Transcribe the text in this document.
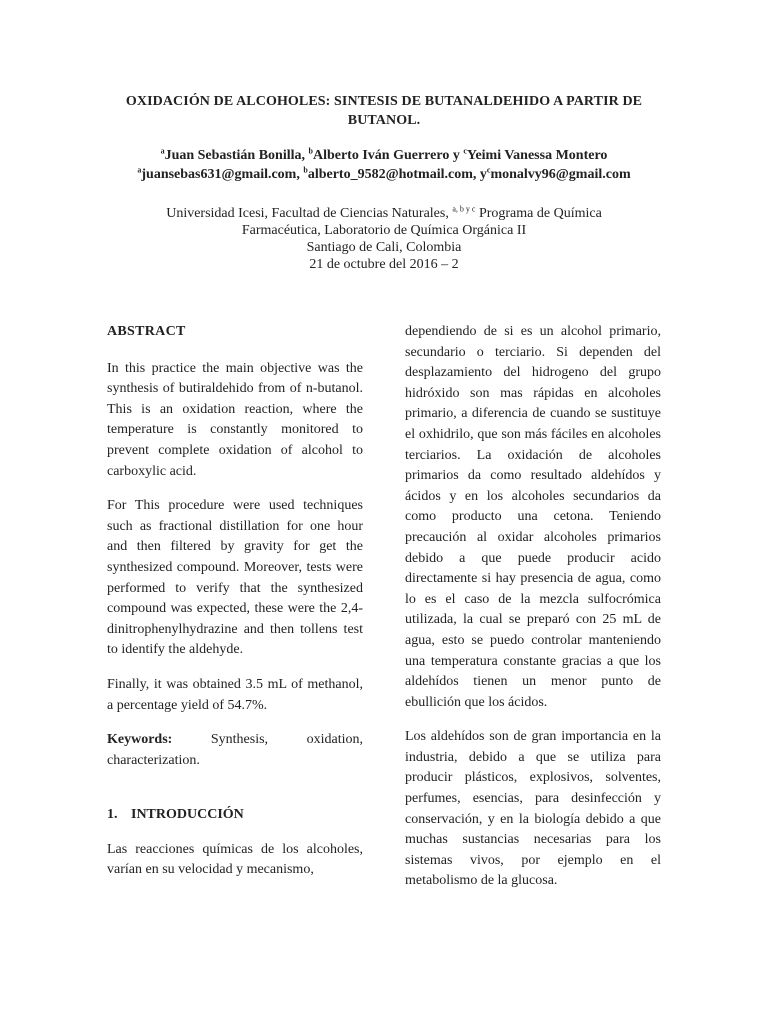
OXIDACIÓN DE ALCOHOLES: SINTESIS DE BUTANALDEHIDO A PARTIR DE BUTANOL.
$^a$Juan Sebastián Bonilla, $^b$Alberto Iván Guerrero y $^c$Yeimi Vanessa Montero
$^a$juansebas631@gmail.com, $^b$alberto_9582@hotmail.com, $y^cmonalvy96@gmail.com$
Universidad Icesi, Facultad de Ciencias Naturales, $^{a, b y c}$ Programa de Química
Farmacéutica, Laboratorio de Química Orgánica II
Santiago de Cali, Colombia
21 de octubre del 2016 – 2
ABSTRACT

In this practice the main objective was the synthesis of butiraldehido from of n-butanol. This is an oxidation reaction, where the temperature is constantly monitored to prevent complete oxidation of alcohol to carboxylic acid.

For This procedure were used techniques such as fractional distillation for one hour and then filtered by gravity for get the synthesized compound. Moreover, tests were performed to verify that the synthesized compound was expected, these were the 2,4-dinitrophenylhydrazine and then tollens test to identify the aldehyde.

Finally, it was obtained 3.5 mL of methanol, a percentage yield of 54.7%.

Keywords: Synthesis, oxidation, characterization.

1. INTRODUCCIÓN

Las reacciones químicas de los alcoholes, varían en su velocidad y mecanismo,

dependiendo de si es un alcohol primario, secundario o terciario. Si dependen del desplazamiento del hidrogeno del grupo hidróxido son mas rápidas en alcoholes primario, a diferencia de cuando se sustituye el oxhidrilo, que son más fáciles en alcoholes terciarios. La oxidación de alcoholes primarios da como resultado aldehídos y ácidos y en los alcoholes secundarios da como producto una cetona. Teniendo precaución al oxidar alcoholes primarios debido a que puede producir acido directamente si hay presencia de agua, como lo es el caso de la mezcla sulfocrómica utilizada, la cual se preparó con 25 mL de agua, esto se puedo controlar manteniendo una temperatura constante gracias a que los aldehídos tienen un menor punto de ebullición que los ácidos.

Los aldehídos son de gran importancia en la industria, debido a que se utiliza para producir plásticos, explosivos, solventes, perfumes, esencias, para desinfección y conservación, y en la biología debido a que muchas sustancias necesarias para los sistemas vivos, por ejemplo en el metabolismo de la glucosa.
